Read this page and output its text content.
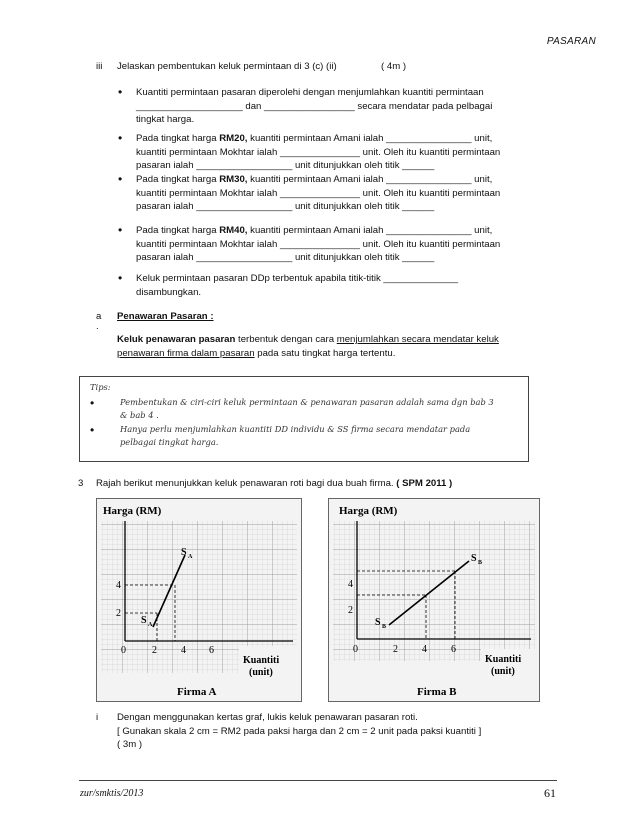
PASARAN
iii Jelaskan pembentukan keluk permintaan di 3 (c) (ii)	( 4m )
• Kuantiti permintaan pasaran diperolehi dengan menjumlahkan kuantiti permintaan
____________________ dan _________________ secara mendatar pada pelbagai
tingkat harga.
• Pada tingkat harga RM20, kuantiti permintaan Amani ialah ________________ unit,
kuantiti permintaan Mokhtar ialah _______________ unit. Oleh itu kuantiti permintaan
pasaran ialah __________________ unit ditunjukkan oleh titik ______
• Pada tingkat harga RM30, kuantiti permintaan Amani ialah ________________ unit,
kuantiti permintaan Mokhtar ialah _______________ unit. Oleh itu kuantiti permintaan
pasaran ialah __________________ unit ditunjukkan oleh titik ______
• Pada tingkat harga RM40, kuantiti permintaan Amani ialah ________________ unit,
kuantiti permintaan Mokhtar ialah _______________ unit. Oleh itu kuantiti permintaan
pasaran ialah __________________ unit ditunjukkan oleh titik ______
• Keluk permintaan pasaran DDp terbentuk apabila titik-titik ______________
disambungkan.
a
.
Penawaran Pasaran :
Keluk penawaran pasaran terbentuk dengan cara menjumlahkan secara mendatar keluk
penawaran firma dalam pasaran pada satu tingkat harga tertentu.
Tips:
•	Pembentukan & ciri-ciri keluk permintaan & penawaran pasaran adalah sama dgn bab 3
& bab 4 .
•	Hanya perlu menjumlahkan kuantiti DD individu & SS firma secara mendatar pada
pelbagai tingkat harga.
3 Rajah berikut menunjukkan keluk penawaran roti bagi dua buah firma. ( SPM 2011 )
Harga (RM)
S A
S A
2
4
0	2 4 6
Kuantiti
(unit)
Firma A
Harga (RM)
S B
S B
2
4
0	2 4 6
Kuantiti
(unit)
Firma B
i Dengan menggunakan kertas graf, lukis keluk penawaran pasaran roti.
[ Gunakan skala 2 cm = RM2 pada paksi harga dan 2 cm = 2 unit pada paksi kuantiti ]
( 3m )
zur/smktis/2013	61
